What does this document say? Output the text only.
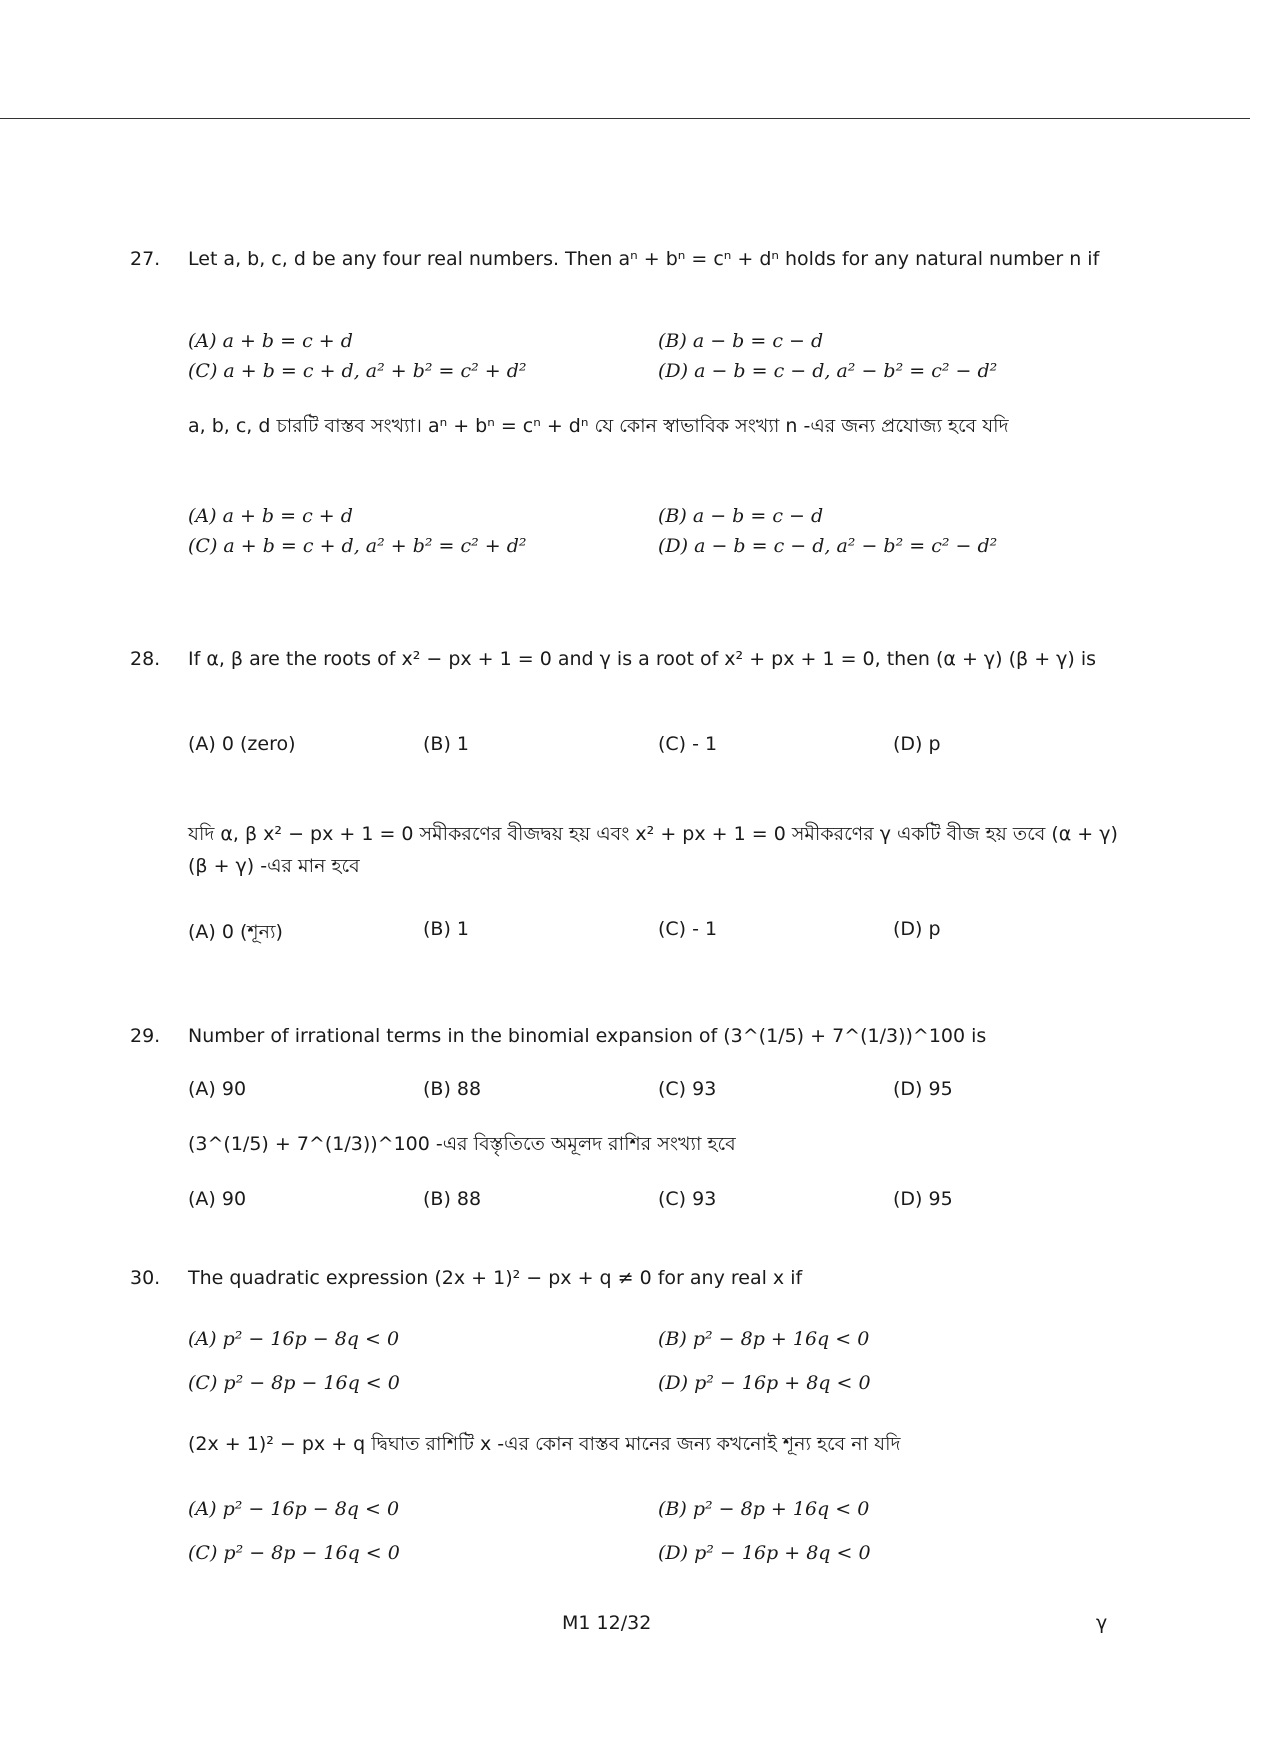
27. Let a, b, c, d be any four real numbers. Then aⁿ + bⁿ = cⁿ + dⁿ holds for any natural number n if
(A) a + b = c + d	(B) a − b = c − d
(C) a + b = c + d, a² + b² = c² + d²	(D) a − b = c − d, a² − b² = c² − d²
a, b, c, d চারটি বাস্তব সংখ্যা। aⁿ + bⁿ = cⁿ + dⁿ যে কোন স্বাভাবিক সংখ্যা n -এর জন্য প্রযোজ্য হবে যদি
(A) a + b = c + d	(B) a − b = c − d
(C) a + b = c + d, a² + b² = c² + d²	(D) a − b = c − d, a² − b² = c² − d²
28. If α, β are the roots of x² − px + 1 = 0 and γ is a root of x² + px + 1 = 0, then (α + γ) (β + γ) is
(A) 0 (zero)	(B) 1	(C) - 1	(D) p
যদি α, β x² − px + 1 = 0 সমীকরণের বীজদ্বয় হয় এবং x² + px + 1 = 0 সমীকরণের γ একটি বীজ হয় তবে (α + γ) (β + γ) -এর মান হবে
(A) 0 (শূন্য)	(B) 1	(C) - 1	(D) p
29. Number of irrational terms in the binomial expansion of (3^(1/5) + 7^(1/3))^100 is
(A) 90	(B) 88	(C) 93	(D) 95
(3^(1/5) + 7^(1/3))^100 -এর বিস্তৃতিতে অমূলদ রাশির সংখ্যা হবে
(A) 90	(B) 88	(C) 93	(D) 95
30. The quadratic expression (2x + 1)² − px + q ≠ 0 for any real x if
(A) p² − 16p − 8q < 0	(B) p² − 8p + 16q < 0
(C) p² − 8p − 16q < 0	(D) p² − 16p + 8q < 0
(2x + 1)² − px + q দ্বিঘাত রাশিটি x -এর কোন বাস্তব মানের জন্য কখনোই শূন্য হবে না যদি
(A) p² − 16p − 8q < 0	(B) p² − 8p + 16q < 0
(C) p² − 8p − 16q < 0	(D) p² − 16p + 8q < 0
M1 12/32	γ
